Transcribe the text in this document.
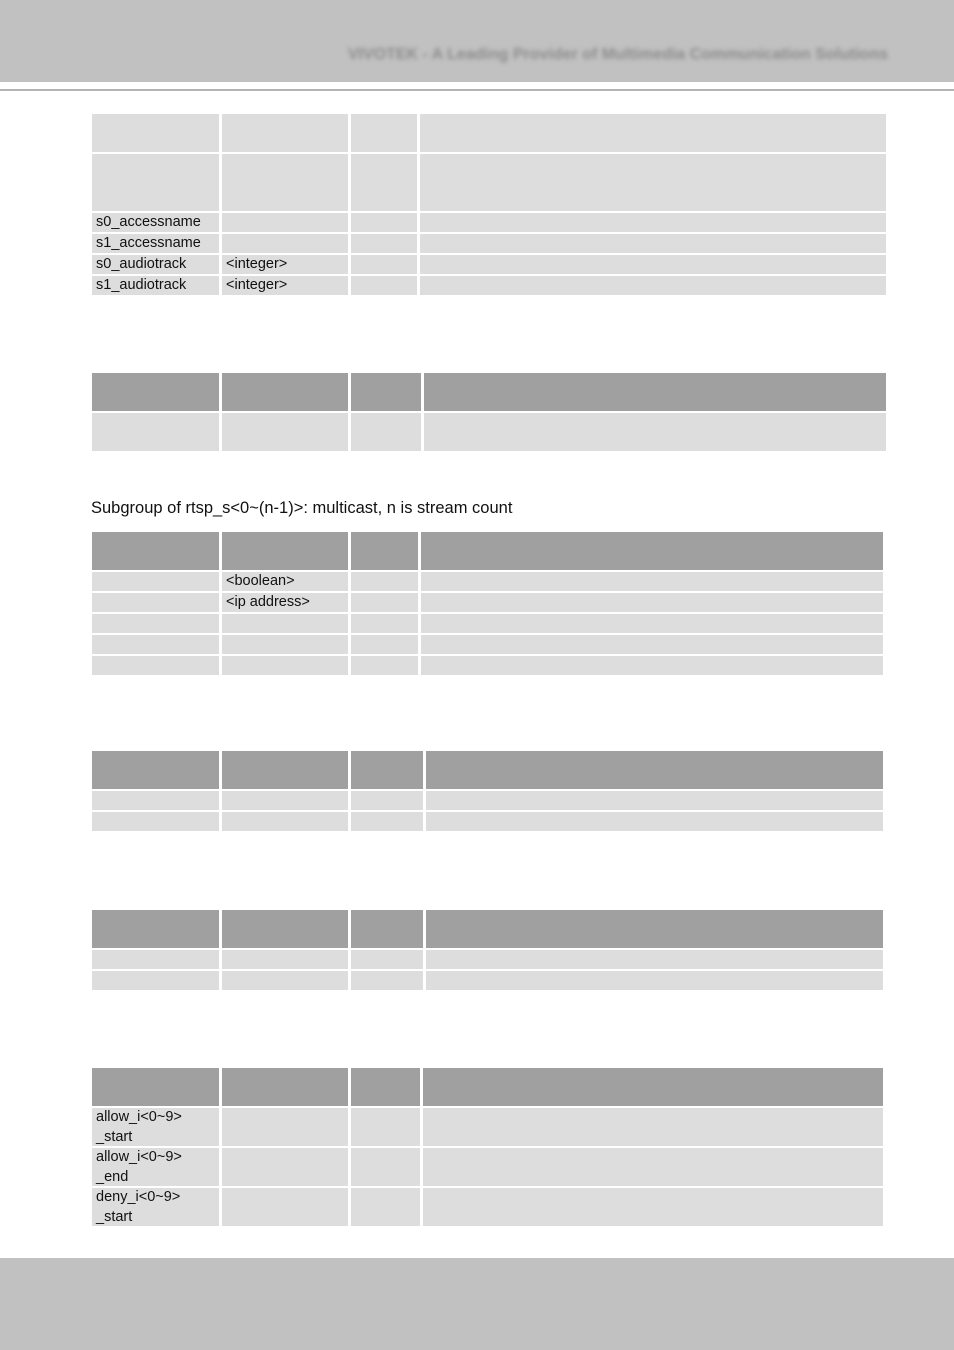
VIVOTEK - A Leading Provider of Multimedia Communication Solutions
s0_accessname
s1_accessname
s0_audiotrack	<integer>
s1_audiotrack	<integer>
Subgroup of rtsp_s<0~(n-1)>: multicast, n is stream count
<boolean>
<ip address>
allow_i<0~9>
_start
allow_i<0~9>
_end
deny_i<0~9>
_start
